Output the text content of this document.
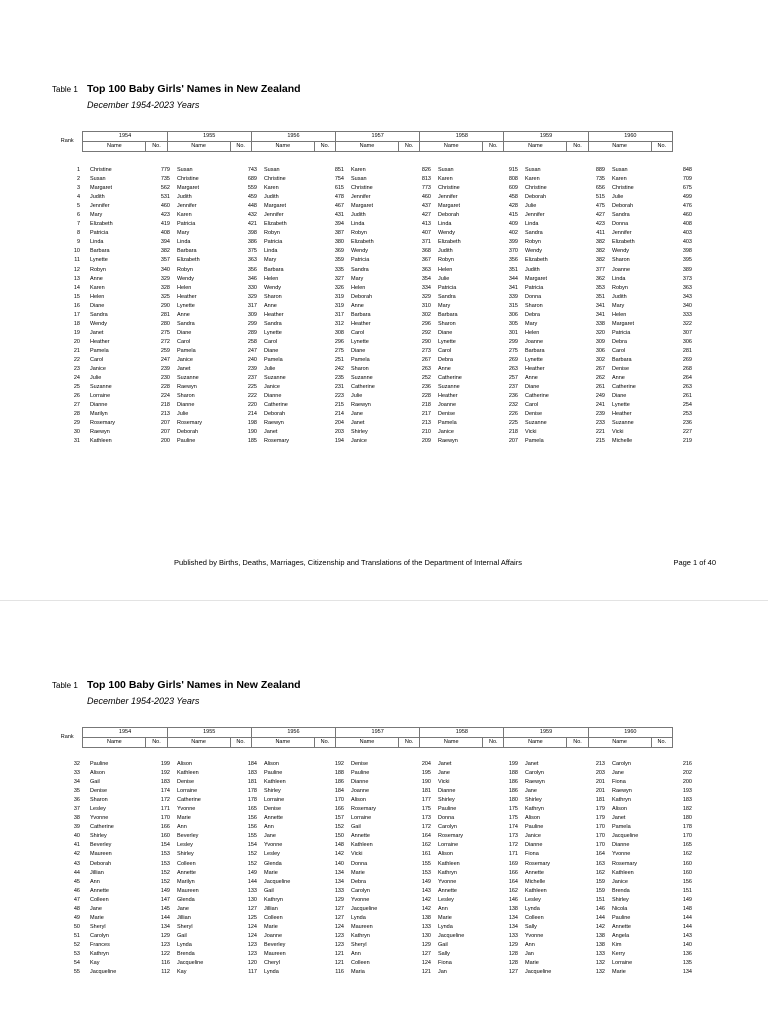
Table 1 Top 100 Baby Girls' Names in New Zealand
December 1954-2023 Years
Rank	1954		1955		1956		1957		1958		1959		1960	
	Name	No.	Name	No.	Name	No.	Name	No.	Name	No.	Name	No.	Name	No.
1	Christine	779	Susan	743	Susan	851	Karen	826	Susan	915	Susan	889	Susan	848
2	Susan	735	Christine	689	Christine	754	Susan	813	Karen	808	Karen	735	Karen	709
3	Margaret	562	Margaret	559	Karen	615	Christine	773	Christine	609	Christine	656	Christine	675
4	Judith	531	Judith	459	Judith	478	Jennifer	460	Jennifer	458	Deborah	515	Julie	499
5	Jennifer	460	Jennifer	448	Margaret	467	Margaret	437	Margaret	428	Julie	475	Deborah	476
6	Mary	423	Karen	432	Jennifer	431	Judith	427	Deborah	415	Jennifer	427	Sandra	460
7	Elizabeth	419	Patricia	421	Elizabeth	394	Linda	413	Linda	409	Linda	423	Donna	408
8	Patricia	408	Mary	398	Robyn	387	Robyn	407	Wendy	402	Sandra	411	Jennifer	403
9	Linda	394	Linda	386	Patricia	380	Elizabeth	371	Elizabeth	399	Robyn	382	Elizabeth	403
10	Barbara	382	Barbara	375	Linda	369	Wendy	368	Judith	370	Wendy	382	Wendy	398
11	Lynette	357	Elizabeth	363	Mary	359	Patricia	367	Robyn	356	Elizabeth	382	Sharon	395
12	Robyn	340	Robyn	356	Barbara	335	Sandra	363	Helen	351	Judith	377	Joanne	389
13	Anne	329	Wendy	346	Helen	327	Mary	354	Julie	344	Margaret	362	Linda	373
14	Karen	328	Helen	330	Wendy	326	Helen	334	Patricia	341	Patricia	353	Robyn	363
15	Helen	325	Heather	329	Sharon	319	Deborah	329	Sandra	339	Donna	351	Judith	343
16	Diane	290	Lynette	317	Anne	319	Anne	310	Mary	315	Sharon	341	Mary	340
17	Sandra	281	Anne	309	Heather	317	Barbara	302	Barbara	306	Debra	341	Helen	333
18	Wendy	280	Sandra	299	Sandra	312	Heather	296	Sharon	305	Mary	338	Margaret	322
19	Janet	275	Diane	289	Lynette	308	Carol	292	Diane	301	Helen	320	Patricia	307
20	Heather	272	Carol	258	Carol	296	Lynette	290	Lynette	299	Joanne	309	Debra	306
21	Pamela	259	Pamela	247	Diane	275	Diane	273	Carol	275	Barbara	306	Carol	281
22	Carol	247	Janice	240	Pamela	251	Pamela	267	Debra	269	Lynette	302	Barbara	269
23	Janice	239	Janet	239	Julie	242	Sharon	263	Anne	263	Heather	267	Denise	268
24	Julie	230	Suzanne	237	Suzanne	235	Suzanne	252	Catherine	257	Anne	262	Anne	264
25	Suzanne	228	Raewyn	225	Janice	231	Catherine	236	Suzanne	237	Diane	261	Catherine	263
26	Lorraine	224	Sharon	222	Dianne	223	Julie	228	Heather	236	Catherine	249	Diane	261
27	Dianne	218	Dianne	220	Catherine	215	Raewyn	218	Joanne	232	Carol	241	Lynette	254
28	Marilyn	213	Julie	214	Deborah	214	Jane	217	Denise	226	Denise	239	Heather	253
29	Rosemary	207	Rosemary	198	Raewyn	204	Janet	213	Pamela	225	Suzanne	233	Suzanne	236
30	Raewyn	207	Deborah	190	Janet	203	Shirley	210	Janice	218	Vicki	221	Vicki	227
31	Kathleen	200	Pauline	185	Rosemary	194	Janice	209	Raewyn	207	Pamela	215	Michelle	219
Published by Births, Deaths, Marriages, Citizenship and Translations of the Department of Internal Affairs	Page 1 of 40
Table 1 Top 100 Baby Girls' Names in New Zealand
December 1954-2023 Years
Rank	1954		1955		1956		1957		1958		1959		1960	
	Name	No.	Name	No.	Name	No.	Name	No.	Name	No.	Name	No.	Name	No.
32	Pauline	199	Alison	184	Alison	192	Denise	204	Janet	199	Janet	213	Carolyn	216
33	Alison	192	Kathleen	183	Pauline	188	Pauline	195	Jane	188	Carolyn	203	Jane	202
34	Gail	183	Denise	181	Kathleen	186	Dianne	190	Vicki	186	Raewyn	201	Fiona	200
35	Denise	174	Lorraine	178	Shirley	184	Joanne	181	Dianne	186	Jane	201	Raewyn	193
36	Sharon	172	Catherine	178	Lorraine	170	Alison	177	Shirley	180	Shirley	181	Kathryn	183
37	Lesley	171	Yvonne	165	Denise	166	Rosemary	175	Pauline	175	Kathryn	179	Alison	182
38	Yvonne	170	Marie	156	Annette	157	Lorraine	173	Donna	175	Alison	179	Janet	180
39	Catherine	166	Ann	156	Ann	152	Gail	172	Carolyn	174	Pauline	170	Pamela	178
40	Shirley	160	Beverley	155	Jane	150	Annette	164	Rosemary	173	Janice	170	Jacqueline	170
41	Beverley	154	Lesley	154	Yvonne	148	Kathleen	162	Lorraine	172	Dianne	170	Dianne	165
42	Maureen	153	Shirley	152	Lesley	142	Vicki	161	Alison	171	Fiona	164	Yvonne	162
43	Deborah	153	Colleen	152	Glenda	140	Donna	155	Kathleen	169	Rosemary	163	Rosemary	160
44	Jillian	152	Annette	149	Marie	134	Marie	153	Kathryn	166	Annette	162	Kathleen	160
45	Ann	152	Marilyn	144	Jacqueline	134	Debra	149	Yvonne	164	Michelle	159	Janice	156
46	Annette	149	Maureen	133	Gail	133	Carolyn	143	Annette	162	Kathleen	159	Brenda	151
47	Colleen	147	Glenda	130	Kathryn	129	Yvonne	142	Lesley	146	Lesley	151	Shirley	149
48	Jane	145	Jane	127	Jillian	127	Jacqueline	142	Ann	138	Lynda	146	Nicola	148
49	Marie	144	Jillian	125	Colleen	127	Lynda	138	Marie	134	Colleen	144	Pauline	144
50	Sheryl	134	Sheryl	124	Marie	124	Maureen	133	Lynda	134	Sally	142	Annette	144
51	Carolyn	129	Gail	124	Joanne	123	Kathryn	130	Jacqueline	133	Yvonne	138	Angela	143
52	Frances	123	Lynda	123	Beverley	123	Sheryl	129	Gail	129	Ann	138	Kim	140
53	Kathryn	122	Brenda	123	Maureen	121	Ann	127	Sally	128	Jan	133	Kerry	136
54	Kay	116	Jacqueline	120	Cheryl	121	Colleen	124	Fiona	128	Marie	132	Lorraine	135
55	Jacqueline	112	Kay	117	Lynda	116	Maria	121	Jan	127	Jacqueline	132	Marie	134
